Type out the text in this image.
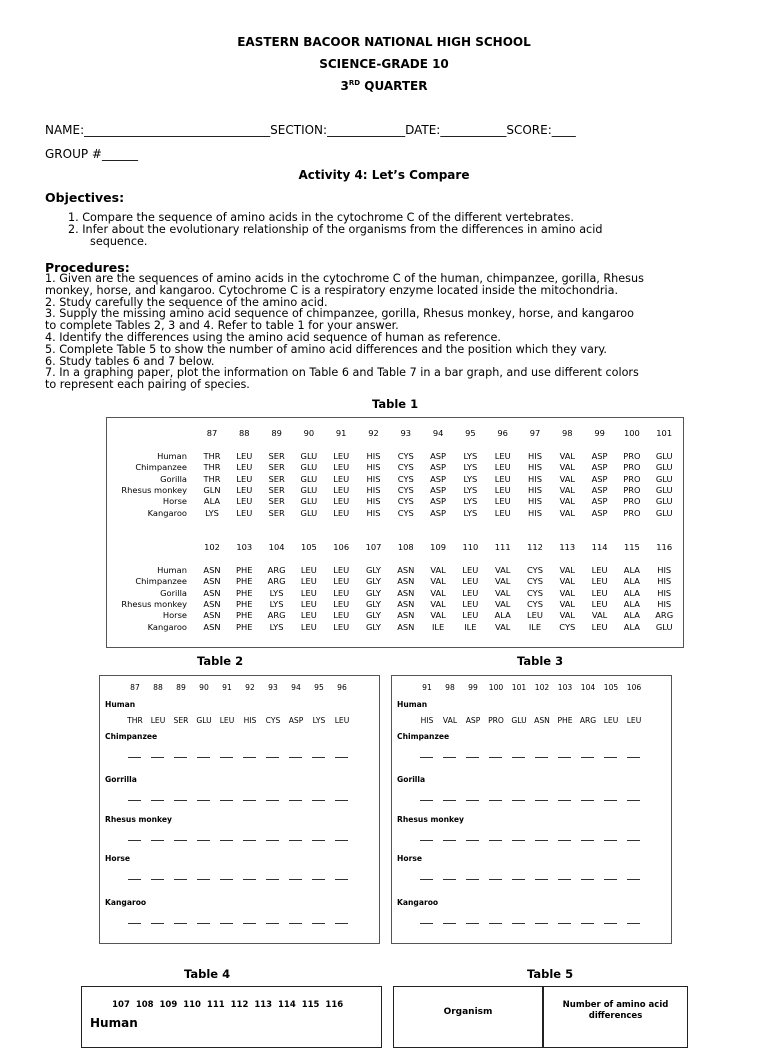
EASTERN BACOOR NATIONAL HIGH SCHOOL
SCIENCE-GRADE 10
3RD QUARTER
NAME:_______________________________SECTION:_____________DATE:___________SCORE:____
GROUP #______
Activity 4: Let’s Compare
Objectives:
1. Compare the sequence of amino acids in the cytochrome C of the different vertebrates.
2. Infer about the evolutionary relationship of the organisms from the differences in amino acid
sequence.
Procedures:
1. Given are the sequences of amino acids in the cytochrome C of the human, chimpanzee, gorilla, Rhesus
monkey, horse, and kangaroo. Cytochrome C is a respiratory enzyme located inside the mitochondria.
2. Study carefully the sequence of the amino acid.
3. Supply the missing amino acid sequence of chimpanzee, gorilla, Rhesus monkey, horse, and kangaroo
to complete Tables 2, 3 and 4. Refer to table 1 for your answer.
4. Identify the differences using the amino acid sequence of human as reference.
5. Complete Table 5 to show the number of amino acid differences and the position which they vary.
6. Study tables 6 and 7 below.
7. In a graphing paper, plot the information on Table 6 and Table 7 in a bar graph, and use different colors
to represent each pairing of species.
Table 1
87	88	89	90	91	92	93	94	95	96	97	98	99	100	101
Human	THR	LEU	SER	GLU	LEU	HIS	CYS	ASP	LYS	LEU	HIS	VAL	ASP	PRO	GLU
Chimpanzee	THR	LEU	SER	GLU	LEU	HIS	CYS	ASP	LYS	LEU	HIS	VAL	ASP	PRO	GLU
Gorilla	THR	LEU	SER	GLU	LEU	HIS	CYS	ASP	LYS	LEU	HIS	VAL	ASP	PRO	GLU
Rhesus monkey	GLN	LEU	SER	GLU	LEU	HIS	CYS	ASP	LYS	LEU	HIS	VAL	ASP	PRO	GLU
Horse	ALA	LEU	SER	GLU	LEU	HIS	CYS	ASP	LYS	LEU	HIS	VAL	ASP	PRO	GLU
Kangaroo	LYS	LEU	SER	GLU	LEU	HIS	CYS	ASP	LYS	LEU	HIS	VAL	ASP	PRO	GLU
102	103	104	105	106	107	108	109	110	111	112	113	114	115	116
Human	ASN	PHE	ARG	LEU	LEU	GLY	ASN	VAL	LEU	VAL	CYS	VAL	LEU	ALA	HIS
Chimpanzee	ASN	PHE	ARG	LEU	LEU	GLY	ASN	VAL	LEU	VAL	CYS	VAL	LEU	ALA	HIS
Gorilla	ASN	PHE	LYS	LEU	LEU	GLY	ASN	VAL	LEU	VAL	CYS	VAL	LEU	ALA	HIS
Rhesus monkey	ASN	PHE	LYS	LEU	LEU	GLY	ASN	VAL	LEU	VAL	CYS	VAL	LEU	ALA	HIS
Horse	ASN	PHE	ARG	LEU	LEU	GLY	ASN	VAL	LEU	ALA	LEU	VAL	VAL	ALA	ARG
Kangaroo	ASN	PHE	LYS	LEU	LEU	GLY	ASN	ILE	ILE	VAL	ILE	CYS	LEU	ALA	GLU
Table 2
87	88	89	90	91	92	93	94	95	96
Human
THR	LEU	SER	GLU	LEU	HIS	CYS	ASP	LYS	LEU
Chimpanzee
Gorrilla
Rhesus monkey
Horse
Kangaroo
Table 3
91	98	99	100	101	102	103	104	105	106
Human
HIS	VAL	ASP	PRO GLU ASN	PHE ARG LEU	LEU
Chimpanzee
Gorilla
Rhesus monkey
Horse
Kangaroo
Table 4
107 108 109 110 111 112 113 114 115 116
Human
Table 5
Organism
Number of amino acid
differences
